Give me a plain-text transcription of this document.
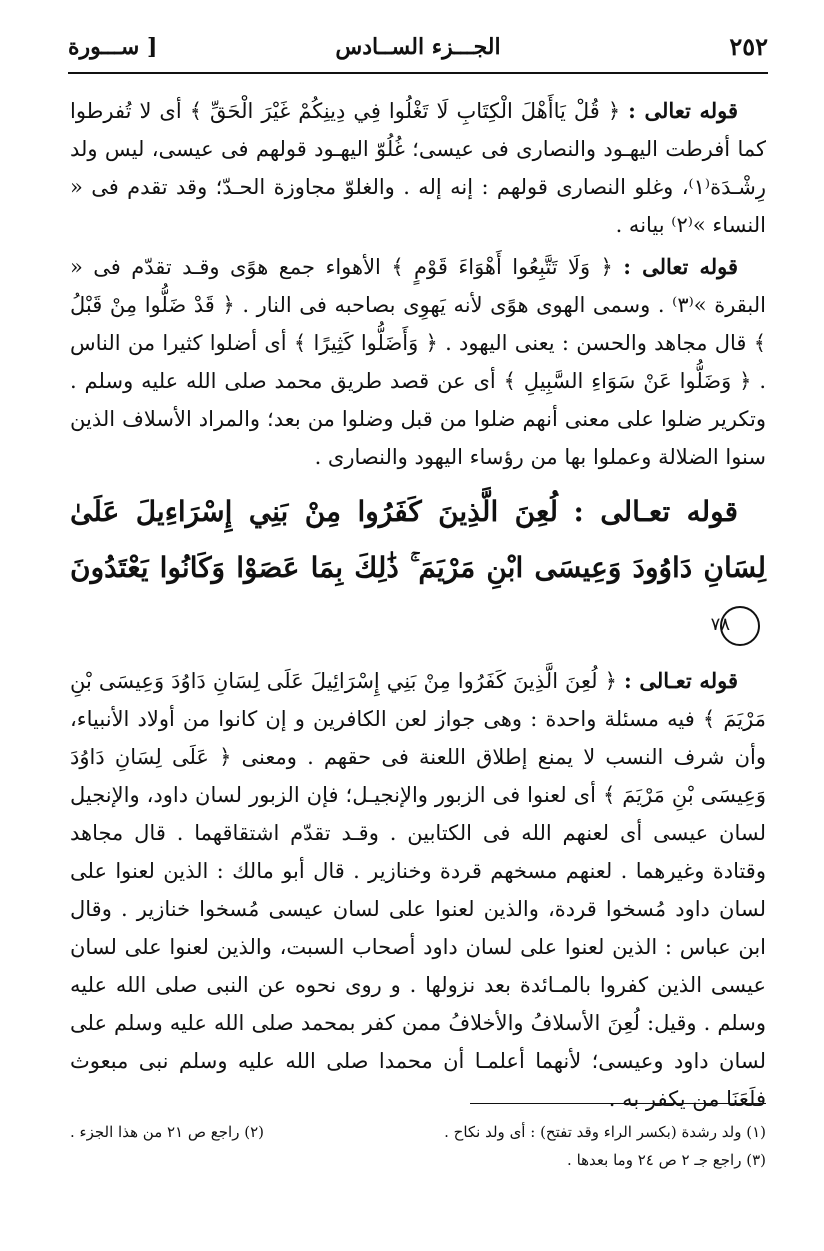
٢٥٢
الجـــزء الســادس
[ ســـورة

قوله تعالى : ﴿ قُلْ يَاأَهْلَ الْكِتَابِ لَا تَغْلُوا فِي دِينِكُمْ غَيْرَ الْحَقِّ ﴾ أى لا تُفرطوا كما أفرطت اليهـود والنصارى فى عيسى؛ غُلُوّ اليهـود قولهم فى عيسى، ليس ولد رِشْـدَة⁽١⁾، وغلو النصارى قولهم : إنه إله . والغلوّ مجاوزة الحـدّ؛ وقد تقدم فى « النساء »⁽٢⁾ بيانه .

قوله تعالى : ﴿ وَلَا تَتَّبِعُوا أَهْوَاءَ قَوْمٍ ﴾ الأهواء جمع هوًى وقـد تقدّم فى « البقرة »⁽٣⁾ . وسمى الهوى هوًى لأنه يَهوِى بصاحبه فى النار . ﴿ قَدْ ضَلُّوا مِنْ قَبْلُ ﴾ قال مجاهد والحسن : يعنى اليهود . ﴿ وَأَضَلُّوا كَثِيرًا ﴾ أى أضلوا كثيرا من الناس . ﴿ وَضَلُّوا عَنْ سَوَاءِ السَّبِيلِ ﴾ أى عن قصد طريق محمد صلى الله عليه وسلم . وتكرير ضلوا على معنى أنهم ضلوا من قبل وضلوا من بعد؛ والمراد الأسلاف الذين سنوا الضلالة وعملوا بها من رؤساء اليهود والنصارى .

قوله تعـالى : لُعِنَ الَّذِينَ كَفَرُوا مِنْ بَنِي إِسْرَاءِيلَ عَلَىٰ لِسَانِ دَاوُودَ وَعِيسَى ابْنِ مَرْيَمَ ۚ ذَٰلِكَ بِمَا عَصَوْا وَكَانُوا يَعْتَدُونَ ٧٨

قوله تعـالى : ﴿ لُعِنَ الَّذِينَ كَفَرُوا مِنْ بَنِي إِسْرَائِيلَ عَلَى لِسَانِ دَاوُدَ وَعِيسَى بْنِ مَرْيَمَ ﴾ فيه مسئلة واحدة : وهى جواز لعن الكافرين و إن كانوا من أولاد الأنبياء، وأن شرف النسب لا يمنع إطلاق اللعنة فى حقهم . ومعنى ﴿ عَلَى لِسَانِ دَاوُدَ وَعِيسَى بْنِ مَرْيَمَ ﴾ أى لعنوا فى الزبور والإنجيـل؛ فإن الزبور لسان داود، والإنجيل لسان عيسى أى لعنهم الله فى الكتابين . وقـد تقدّم اشتقاقهما . قال مجاهد وقتادة وغيرهما . لعنهم مسخهم قردة وخنازير . قال أبو مالك : الذين لعنوا على لسان داود مُسخوا قردة، والذين لعنوا على لسان عيسى مُسخوا خنازير . وقال ابن عباس : الذين لعنوا على لسان داود أصحاب السبت، والذين لعنوا على لسان عيسى الذين كفروا بالمـائدة بعد نزولها . و روى نحوه عن النبى صلى الله عليه وسلم . وقيل: لُعِنَ الأسلافُ والأخلافُ ممن كفر بمحمد صلى الله عليه وسلم على لسان داود وعيسى؛ لأنهما أعلمـا أن محمدا صلى الله عليه وسلم نبى مبعوث فلَعَنَا من يكفر به .

(١) ولد رشدة (بكسر الراء وقد تفتح) : أى ولد نكاح .
(٢) راجع ص ٢١ من هذا الجزء .
(٣) راجع جـ ٢ ص ٢٤ وما بعدها .
